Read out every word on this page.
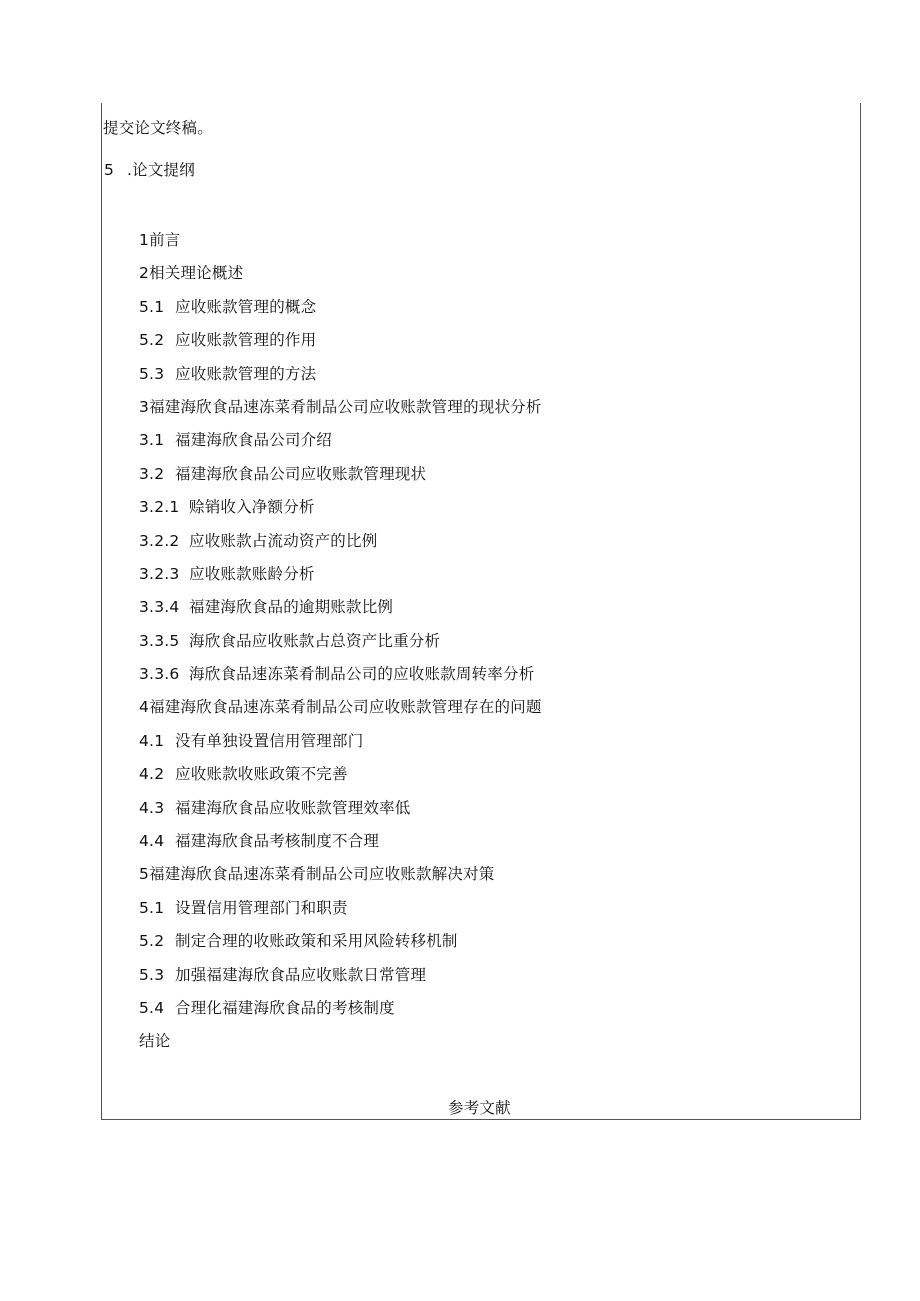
提交论文终稿。
5 .论文提纲
1前言
2相关理论概述
5.1 应收账款管理的概念
5.2 应收账款管理的作用
5.3 应收账款管理的方法
3福建海欣食品速冻菜肴制品公司应收账款管理的现状分析
3.1 福建海欣食品公司介绍
3.2 福建海欣食品公司应收账款管理现状
3.2.1 赊销收入净额分析
3.2.2 应收账款占流动资产的比例
3.2.3 应收账款账龄分析
3.3.4 福建海欣食品的逾期账款比例
3.3.5 海欣食品应收账款占总资产比重分析
3.3.6 海欣食品速冻菜肴制品公司的应收账款周转率分析
4福建海欣食品速冻菜肴制品公司应收账款管理存在的问题
4.1 没有单独设置信用管理部门
4.2 应收账款收账政策不完善
4.3 福建海欣食品应收账款管理效率低
4.4 福建海欣食品考核制度不合理
5福建海欣食品速冻菜肴制品公司应收账款解决对策
5.1 设置信用管理部门和职责
5.2 制定合理的收账政策和采用风险转移机制
5.3 加强福建海欣食品应收账款日常管理
5.4 合理化福建海欣食品的考核制度
结论
参考文献
